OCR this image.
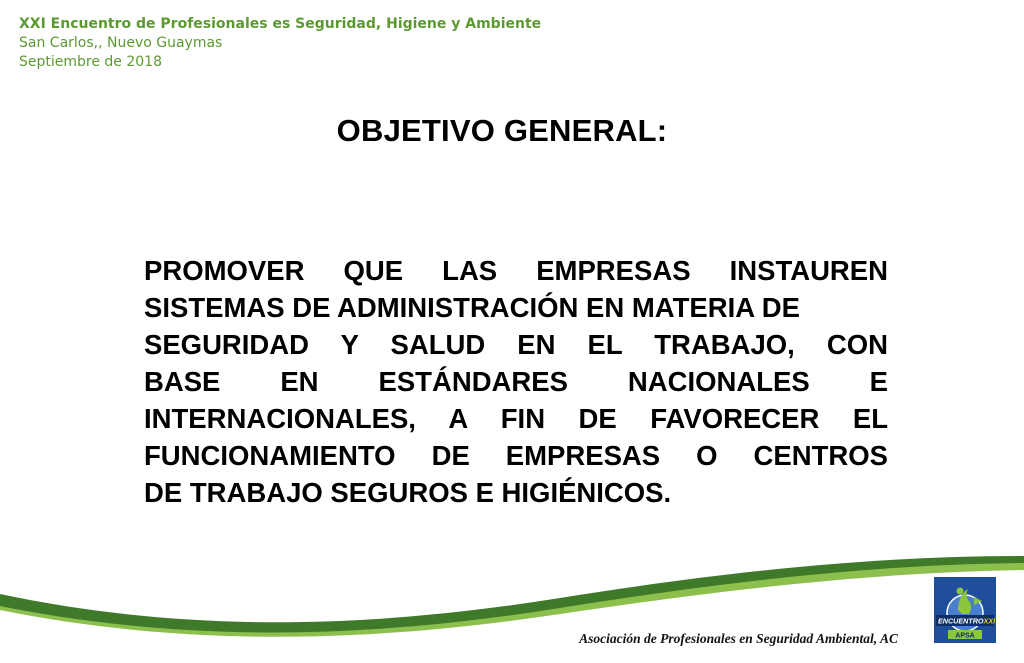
XXI Encuentro de Profesionales es Seguridad, Higiene y Ambiente
San Carlos,, Nuevo Guaymas
Septiembre de 2018
OBJETIVO GENERAL:
PROMOVER QUE LAS EMPRESAS INSTAUREN
SISTEMAS DE ADMINISTRACIÓN EN MATERIA DE
SEGURIDAD Y SALUD EN EL TRABAJO, CON
BASE EN ESTÁNDARES NACIONALES E
INTERNACIONALES, A FIN DE FAVORECER EL
FUNCIONAMIENTO DE EMPRESAS O CENTROS
DE TRABAJO SEGUROS E HIGIÉNICOS.
Asociación de Profesionales en Seguridad Ambiental, AC
ENCUENTROXXI
APSA
